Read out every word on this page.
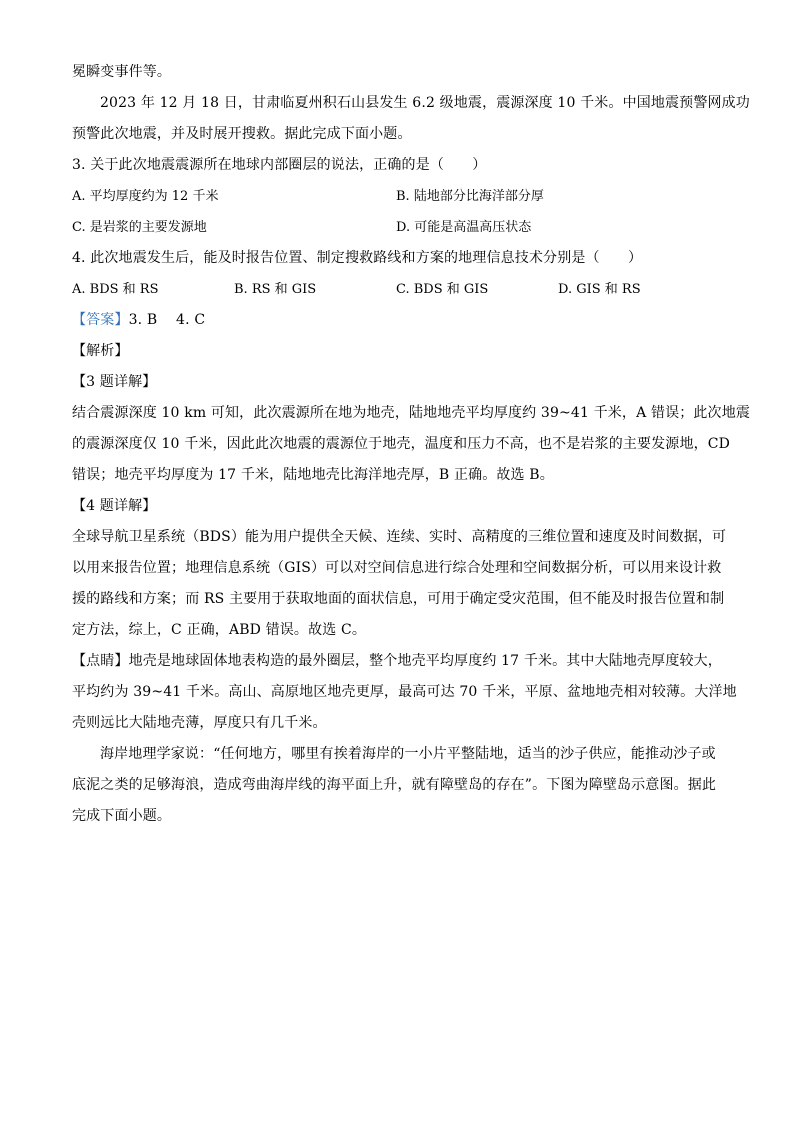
冕瞬变事件等。
2023 年 12 月 18 日，甘肃临夏州积石山县发生 6.2 级地震，震源深度 10 千米。中国地震预警网成功
预警此次地震，并及时展开搜救。据此完成下面小题。
3. 关于此次地震震源所在地球内部圈层的说法，正确的是（　　）
A. 平均厚度约为 12 千米	B. 陆地部分比海洋部分厚
C. 是岩浆的主要发源地	D. 可能是高温高压状态
4. 此次地震发生后，能及时报告位置、制定搜救路线和方案的地理信息技术分别是（　　）
A. BDS 和 RS	B. RS 和 GIS	C. BDS 和 GIS	D. GIS 和 RS
【答案】3. B　 4. C
【解析】
【3 题详解】
结合震源深度 10 km 可知，此次震源所在地为地壳，陆地地壳平均厚度约 39~41 千米，A 错误；此次地震
的震源深度仅 10 千米，因此此次地震的震源位于地壳，温度和压力不高，也不是岩浆的主要发源地，CD
错误；地壳平均厚度为 17 千米，陆地地壳比海洋地壳厚，B 正确。故选 B。
【4 题详解】
全球导航卫星系统（BDS）能为用户提供全天候、连续、实时、高精度的三维位置和速度及时间数据，可
以用来报告位置；地理信息系统（GIS）可以对空间信息进行综合处理和空间数据分析，可以用来设计救
援的路线和方案；而 RS 主要用于获取地面的面状信息，可用于确定受灾范围，但不能及时报告位置和制
定方法，综上，C 正确，ABD 错误。故选 C。
【点睛】地壳是地球固体地表构造的最外圈层，整个地壳平均厚度约 17 千米。其中大陆地壳厚度较大，
平均约为 39~41 千米。高山、高原地区地壳更厚，最高可达 70 千米，平原、盆地地壳相对较薄。大洋地
壳则远比大陆地壳薄，厚度只有几千米。
海岸地理学家说：“任何地方，哪里有挨着海岸的一小片平整陆地，适当的沙子供应，能推动沙子或
底泥之类的足够海浪，造成弯曲海岸线的海平面上升，就有障壁岛的存在”。下图为障壁岛示意图。据此
完成下面小题。
